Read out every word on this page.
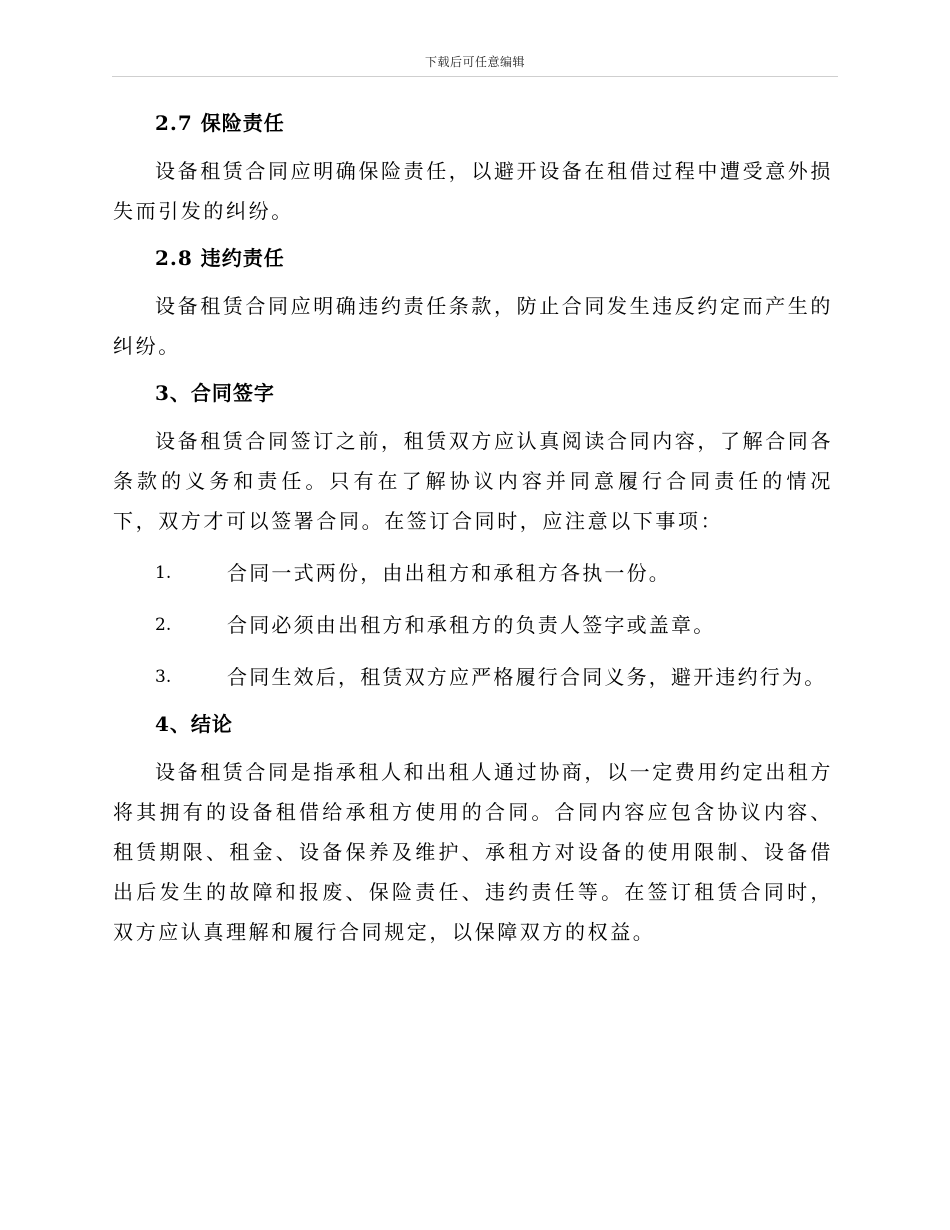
下载后可任意编辑
2.7 保险责任
设备租赁合同应明确保险责任，以避开设备在租借过程中遭受意外损失而引发的纠纷。
2.8 违约责任
设备租赁合同应明确违约责任条款，防止合同发生违反约定而产生的纠纷。
3、合同签字
设备租赁合同签订之前，租赁双方应认真阅读合同内容，了解合同各条款的义务和责任。只有在了解协议内容并同意履行合同责任的情况下，双方才可以签署合同。在签订合同时，应注意以下事项：
1.	合同一式两份，由出租方和承租方各执一份。
2.	合同必须由出租方和承租方的负责人签字或盖章。
3.	合同生效后，租赁双方应严格履行合同义务，避开违约行为。
4、结论
设备租赁合同是指承租人和出租人通过协商，以一定费用约定出租方将其拥有的设备租借给承租方使用的合同。合同内容应包含协议内容、租赁期限、租金、设备保养及维护、承租方对设备的使用限制、设备借出后发生的故障和报废、保险责任、违约责任等。在签订租赁合同时，双方应认真理解和履行合同规定，以保障双方的权益。
